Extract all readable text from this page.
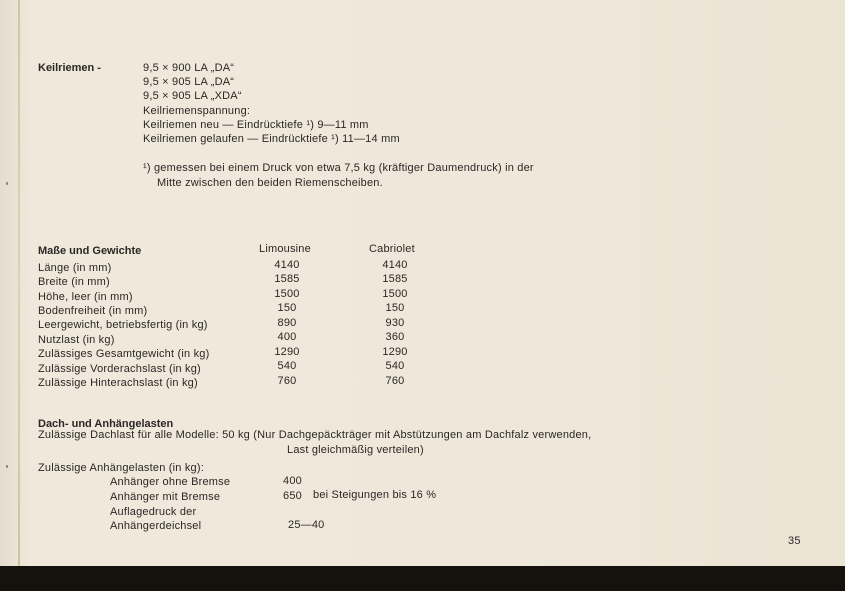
Keilriemen -	9,5 × 900 LA „DA“
9,5 × 905 LA „DA“
9,5 × 905 LA „XDA“
Keilriemenspannung:
Keilriemen neu — Eindrücktiefe ¹) 9—11 mm
Keilriemen gelaufen — Eindrücktiefe ¹) 11—14 mm
¹) gemessen bei einem Druck von etwa 7,5 kg (kräftiger Daumendruck) in der
Mitte zwischen den beiden Riemenscheiben.
Maße und Gewichte	Limousine	Cabriolet
Länge (in mm)	4140	4140
Breite (in mm)	1585	1585
Höhe, leer (in mm)	1500	1500
Bodenfreiheit (in mm)	150	150
Leergewicht, betriebsfertig (in kg)	890	930
Nutzlast (in kg)	400	360
Zulässiges Gesamtgewicht (in kg)	1290	1290
Zulässige Vorderachslast (in kg)	540	540
Zulässige Hinterachslast (in kg)	760	760
Dach- und Anhängelasten
Zulässige Dachlast für alle Modelle: 50 kg (Nur Dachgepäckträger mit Abstützungen am Dachfalz verwenden,
Last gleichmäßig verteilen)
Zulässige Anhängelasten (in kg):
Anhänger ohne Bremse	400
Anhänger mit Bremse	650 bei Steigungen bis 16 %
Auflagedruck der
Anhängerdeichsel	25—40
35
